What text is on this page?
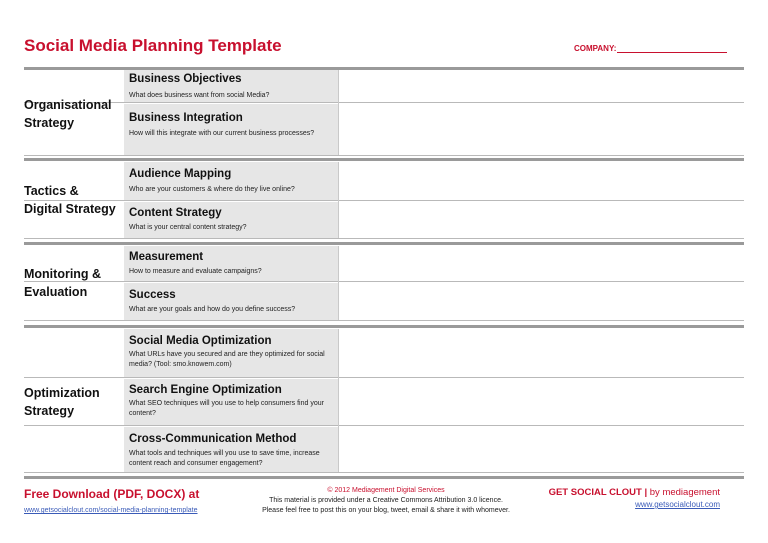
Social Media Planning Template	COMPANY:
Organisational
Strategy
Business Objectives
What does business want from social Media?
Business Integration
How will this integrate with our current business processes?
Tactics &
Digital Strategy
Audience Mapping
Who are your customers & where do they live online?
Content Strategy
What is your central content strategy?
Monitoring &
Evaluation
Measurement
How to measure and evaluate campaigns?
Success
What are your goals and how do you define success?
Optimization
Strategy
Social Media Optimization
What URLs have you secured and are they optimized for social media? (Tool: smo.knowem.com)
Search Engine Optimization
What SEO techniques will you use to help consumers find your content?
Cross-Communication Method
What tools and techniques will you use to save time, increase content reach and consumer engagement?
Free Download (PDF, DOCX) at
www.getsocialclout.com/social-media-planning-template
© 2012 Mediagement Digital Services
This material is provided under a Creative Commons Attribution 3.0 licence.
Please feel free to post this on your blog, tweet, email & share it with whomever.
GET SOCIAL CLOUT | by mediagement
www.getsocialclout.com
